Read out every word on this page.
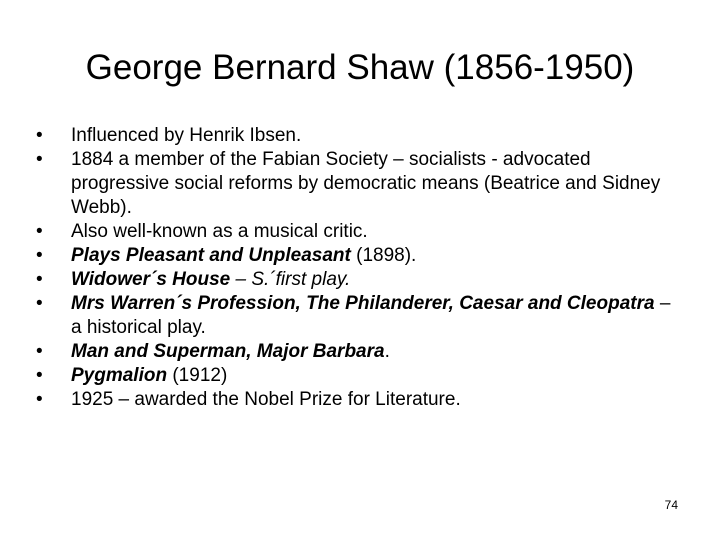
George Bernard Shaw (1856-1950)
•	Influenced by Henrik Ibsen.
•	1884 a member of the Fabian Society – socialists - advocated progressive social reforms by democratic means (Beatrice and Sidney Webb).
•	Also well-known as a musical critic.
•	Plays Pleasant and Unpleasant (1898).
•	Widower´s House – S.´first play.
•	Mrs Warren´s Profession, The Philanderer, Caesar and Cleopatra – a historical play.
•	Man and Superman, Major Barbara.
•	Pygmalion (1912)
•	1925 – awarded the Nobel Prize for Literature.
74
